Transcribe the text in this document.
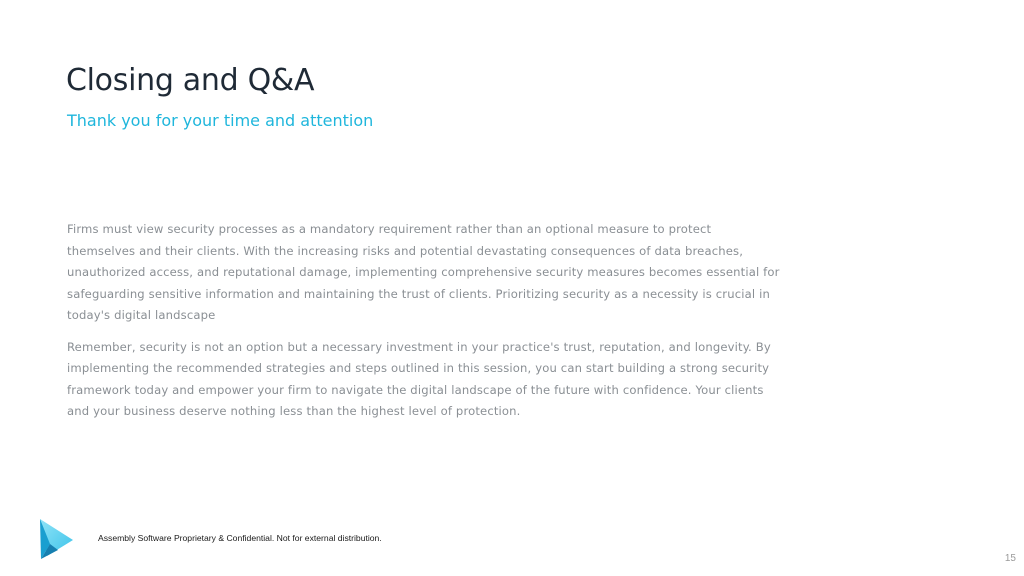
Closing and Q&A
Thank you for your time and attention

Firms must view security processes as a mandatory requirement rather than an optional measure to protect themselves and their clients. With the increasing risks and potential devastating consequences of data breaches, unauthorized access, and reputational damage, implementing comprehensive security measures becomes essential for safeguarding sensitive information and maintaining the trust of clients. Prioritizing security as a necessity is crucial in today's digital landscape

Remember, security is not an option but a necessary investment in your practice's trust, reputation, and longevity. By implementing the recommended strategies and steps outlined in this session, you can start building a strong security framework today and empower your firm to navigate the digital landscape of the future with confidence. Your clients and your business deserve nothing less than the highest level of protection.

Assembly Software Proprietary & Confidential. Not for external distribution.
15
